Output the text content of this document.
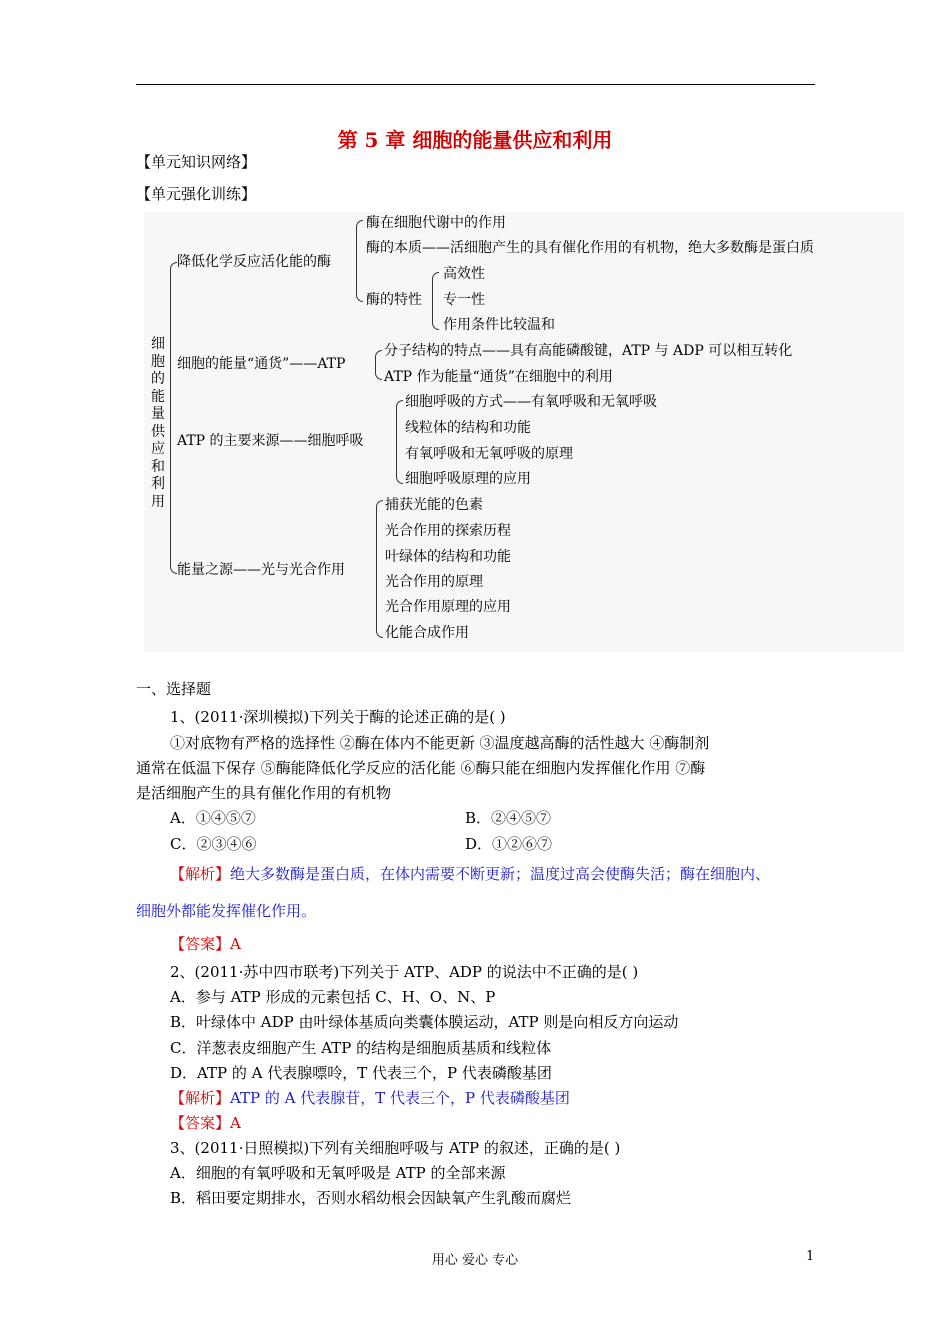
第 5 章 细胞的能量供应和利用
【单元知识网络】
【单元强化训练】
细
胞
的
能
量
供
应
和
利
用
降低化学反应活化能的酶
酶在细胞代谢中的作用
酶的本质——活细胞产生的具有催化作用的有机物，绝大多数酶是蛋白质
酶的特性
高效性
专一性
作用条件比较温和
细胞的能量“通货”——ATP
分子结构的特点——具有高能磷酸键，ATP 与 ADP 可以相互转化
ATP 作为能量“通货”在细胞中的利用
ATP 的主要来源——细胞呼吸
细胞呼吸的方式——有氧呼吸和无氧呼吸
线粒体的结构和功能
有氧呼吸和无氧呼吸的原理
细胞呼吸原理的应用
能量之源——光与光合作用
捕获光能的色素
光合作用的探索历程
叶绿体的结构和功能
光合作用的原理
光合作用原理的应用
化能合成作用
一、选择题
1、(2011·深圳模拟)下列关于酶的论述正确的是( )
①对底物有严格的选择性 ②酶在体内不能更新 ③温度越高酶的活性越大 ④酶制剂
通常在低温下保存 ⑤酶能降低化学反应的活化能 ⑥酶只能在细胞内发挥催化作用 ⑦酶
是活细胞产生的具有催化作用的有机物
A．①④⑤⑦	B．②④⑤⑦
C．②③④⑥	D．①②⑥⑦
【解析】绝大多数酶是蛋白质，在体内需要不断更新；温度过高会使酶失活；酶在细胞内、
细胞外都能发挥催化作用。
【答案】A
2、(2011·苏中四市联考)下列关于 ATP、ADP 的说法中不正确的是( )
A．参与 ATP 形成的元素包括 C、H、O、N、P
B．叶绿体中 ADP 由叶绿体基质向类囊体膜运动，ATP 则是向相反方向运动
C．洋葱表皮细胞产生 ATP 的结构是细胞质基质和线粒体
D．ATP 的 A 代表腺嘌呤，T 代表三个，P 代表磷酸基团
【解析】ATP 的 A 代表腺苷，T 代表三个，P 代表磷酸基团
【答案】A
3、(2011·日照模拟)下列有关细胞呼吸与 ATP 的叙述，正确的是( )
A．细胞的有氧呼吸和无氧呼吸是 ATP 的全部来源
B．稻田要定期排水，否则水稻幼根会因缺氧产生乳酸而腐烂
用心 爱心 专心	1
